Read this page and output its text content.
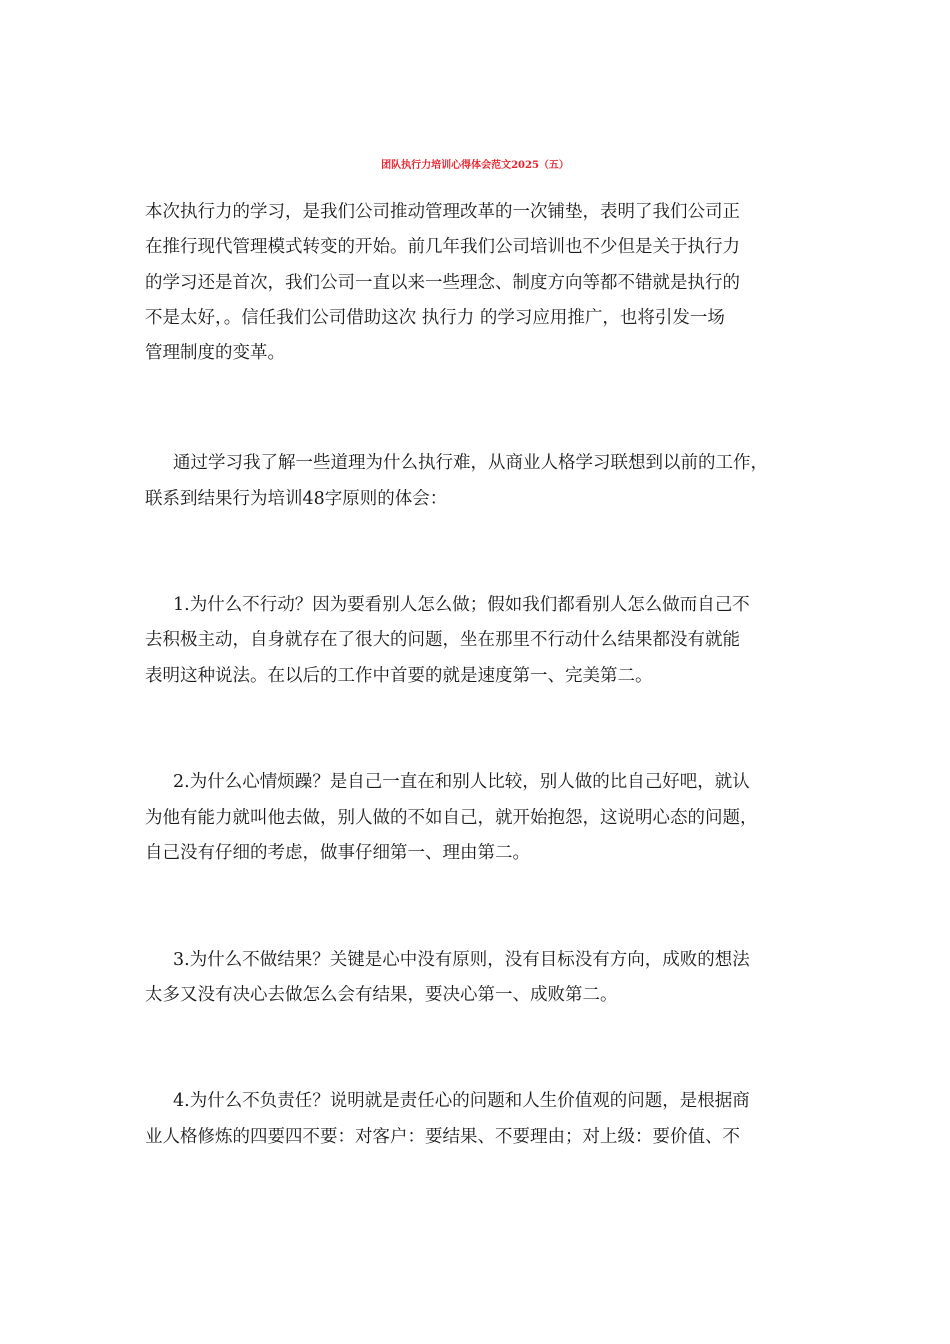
团队执行力培训心得体会范文2025（五）
本次执行力的学习，是我们公司推动管理改革的一次铺垫，表明了我们公司正
在推行现代管理模式转变的开始。前几年我们公司培训也不少但是关于执行力
的学习还是首次，我们公司一直以来一些理念、制度方向等都不错就是执行的
不是太好，。信任我们公司借助这次 执行力 的学习应用推广，也将引发一场
管理制度的变革。
通过学习我了解一些道理为什么执行难，从商业人格学习联想到以前的工作，
联系到结果行为培训48字原则的体会：
1.为什么不行动？因为要看别人怎么做；假如我们都看别人怎么做而自己不
去积极主动，自身就存在了很大的问题，坐在那里不行动什么结果都没有就能
表明这种说法。在以后的工作中首要的就是速度第一、完美第二。
2.为什么心情烦躁？是自己一直在和别人比较，别人做的比自己好吧，就认
为他有能力就叫他去做，别人做的不如自己，就开始抱怨，这说明心态的问题，
自己没有仔细的考虑，做事仔细第一、理由第二。
3.为什么不做结果？关键是心中没有原则，没有目标没有方向，成败的想法
太多又没有决心去做怎么会有结果，要决心第一、成败第二。
4.为什么不负责任？说明就是责任心的问题和人生价值观的问题，是根据商
业人格修炼的四要四不要：对客户：要结果、不要理由；对上级：要价值、不
